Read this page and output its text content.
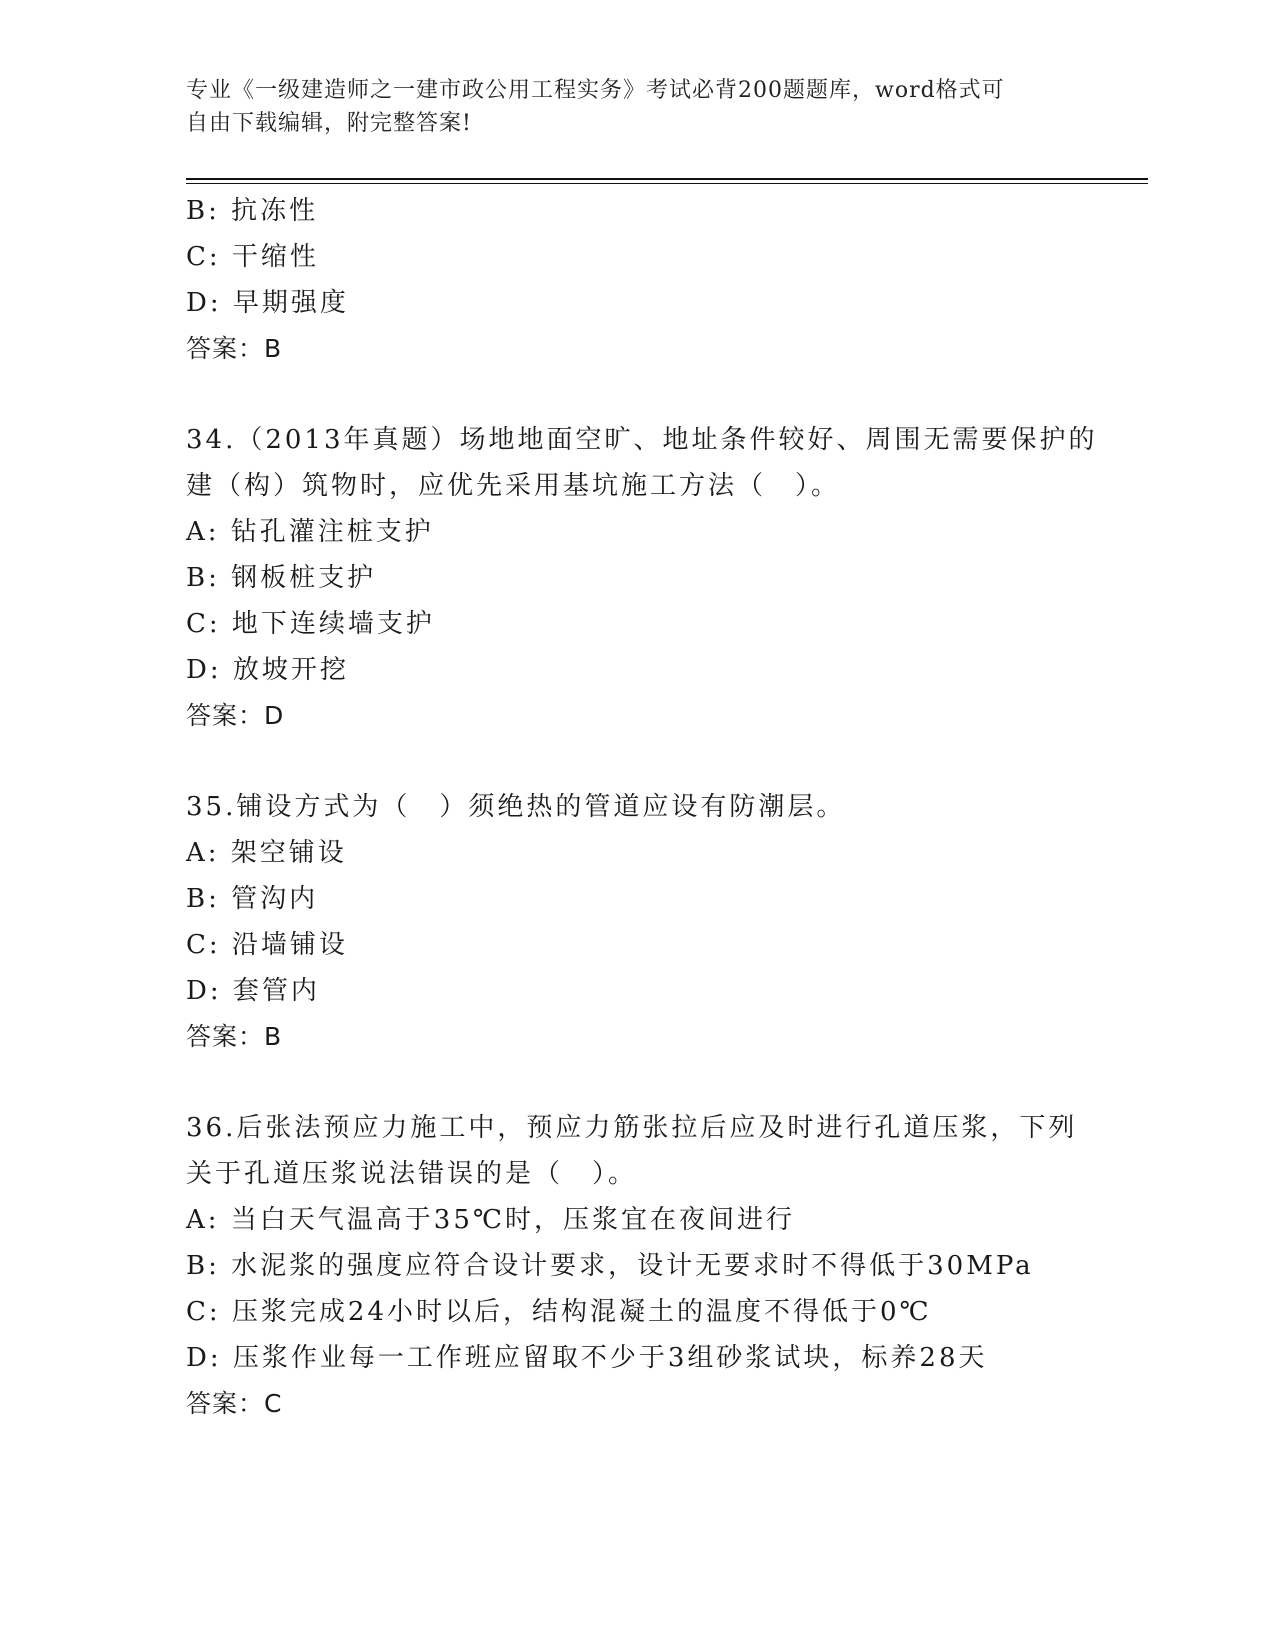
专业《一级建造师之一建市政公用工程实务》考试必背200题题库，word格式可
自由下载编辑，附完整答案!
B: 抗冻性
C: 干缩性
D: 早期强度
答案：B
34.（2013年真题）场地地面空旷、地址条件较好、周围无需要保护的
建（构）筑物时，应优先采用基坑施工方法（　）。
A: 钻孔灌注桩支护
B: 钢板桩支护
C: 地下连续墙支护
D: 放坡开挖
答案：D
35.铺设方式为（　）须绝热的管道应设有防潮层。
A: 架空铺设
B: 管沟内
C: 沿墙铺设
D: 套管内
答案：B
36.后张法预应力施工中，预应力筋张拉后应及时进行孔道压浆，下列
关于孔道压浆说法错误的是（　）。
A: 当白天气温高于35℃时，压浆宜在夜间进行
B: 水泥浆的强度应符合设计要求，设计无要求时不得低于30MPa
C: 压浆完成24小时以后，结构混凝土的温度不得低于0℃
D: 压浆作业每一工作班应留取不少于3组砂浆试块，标养28天
答案：C
